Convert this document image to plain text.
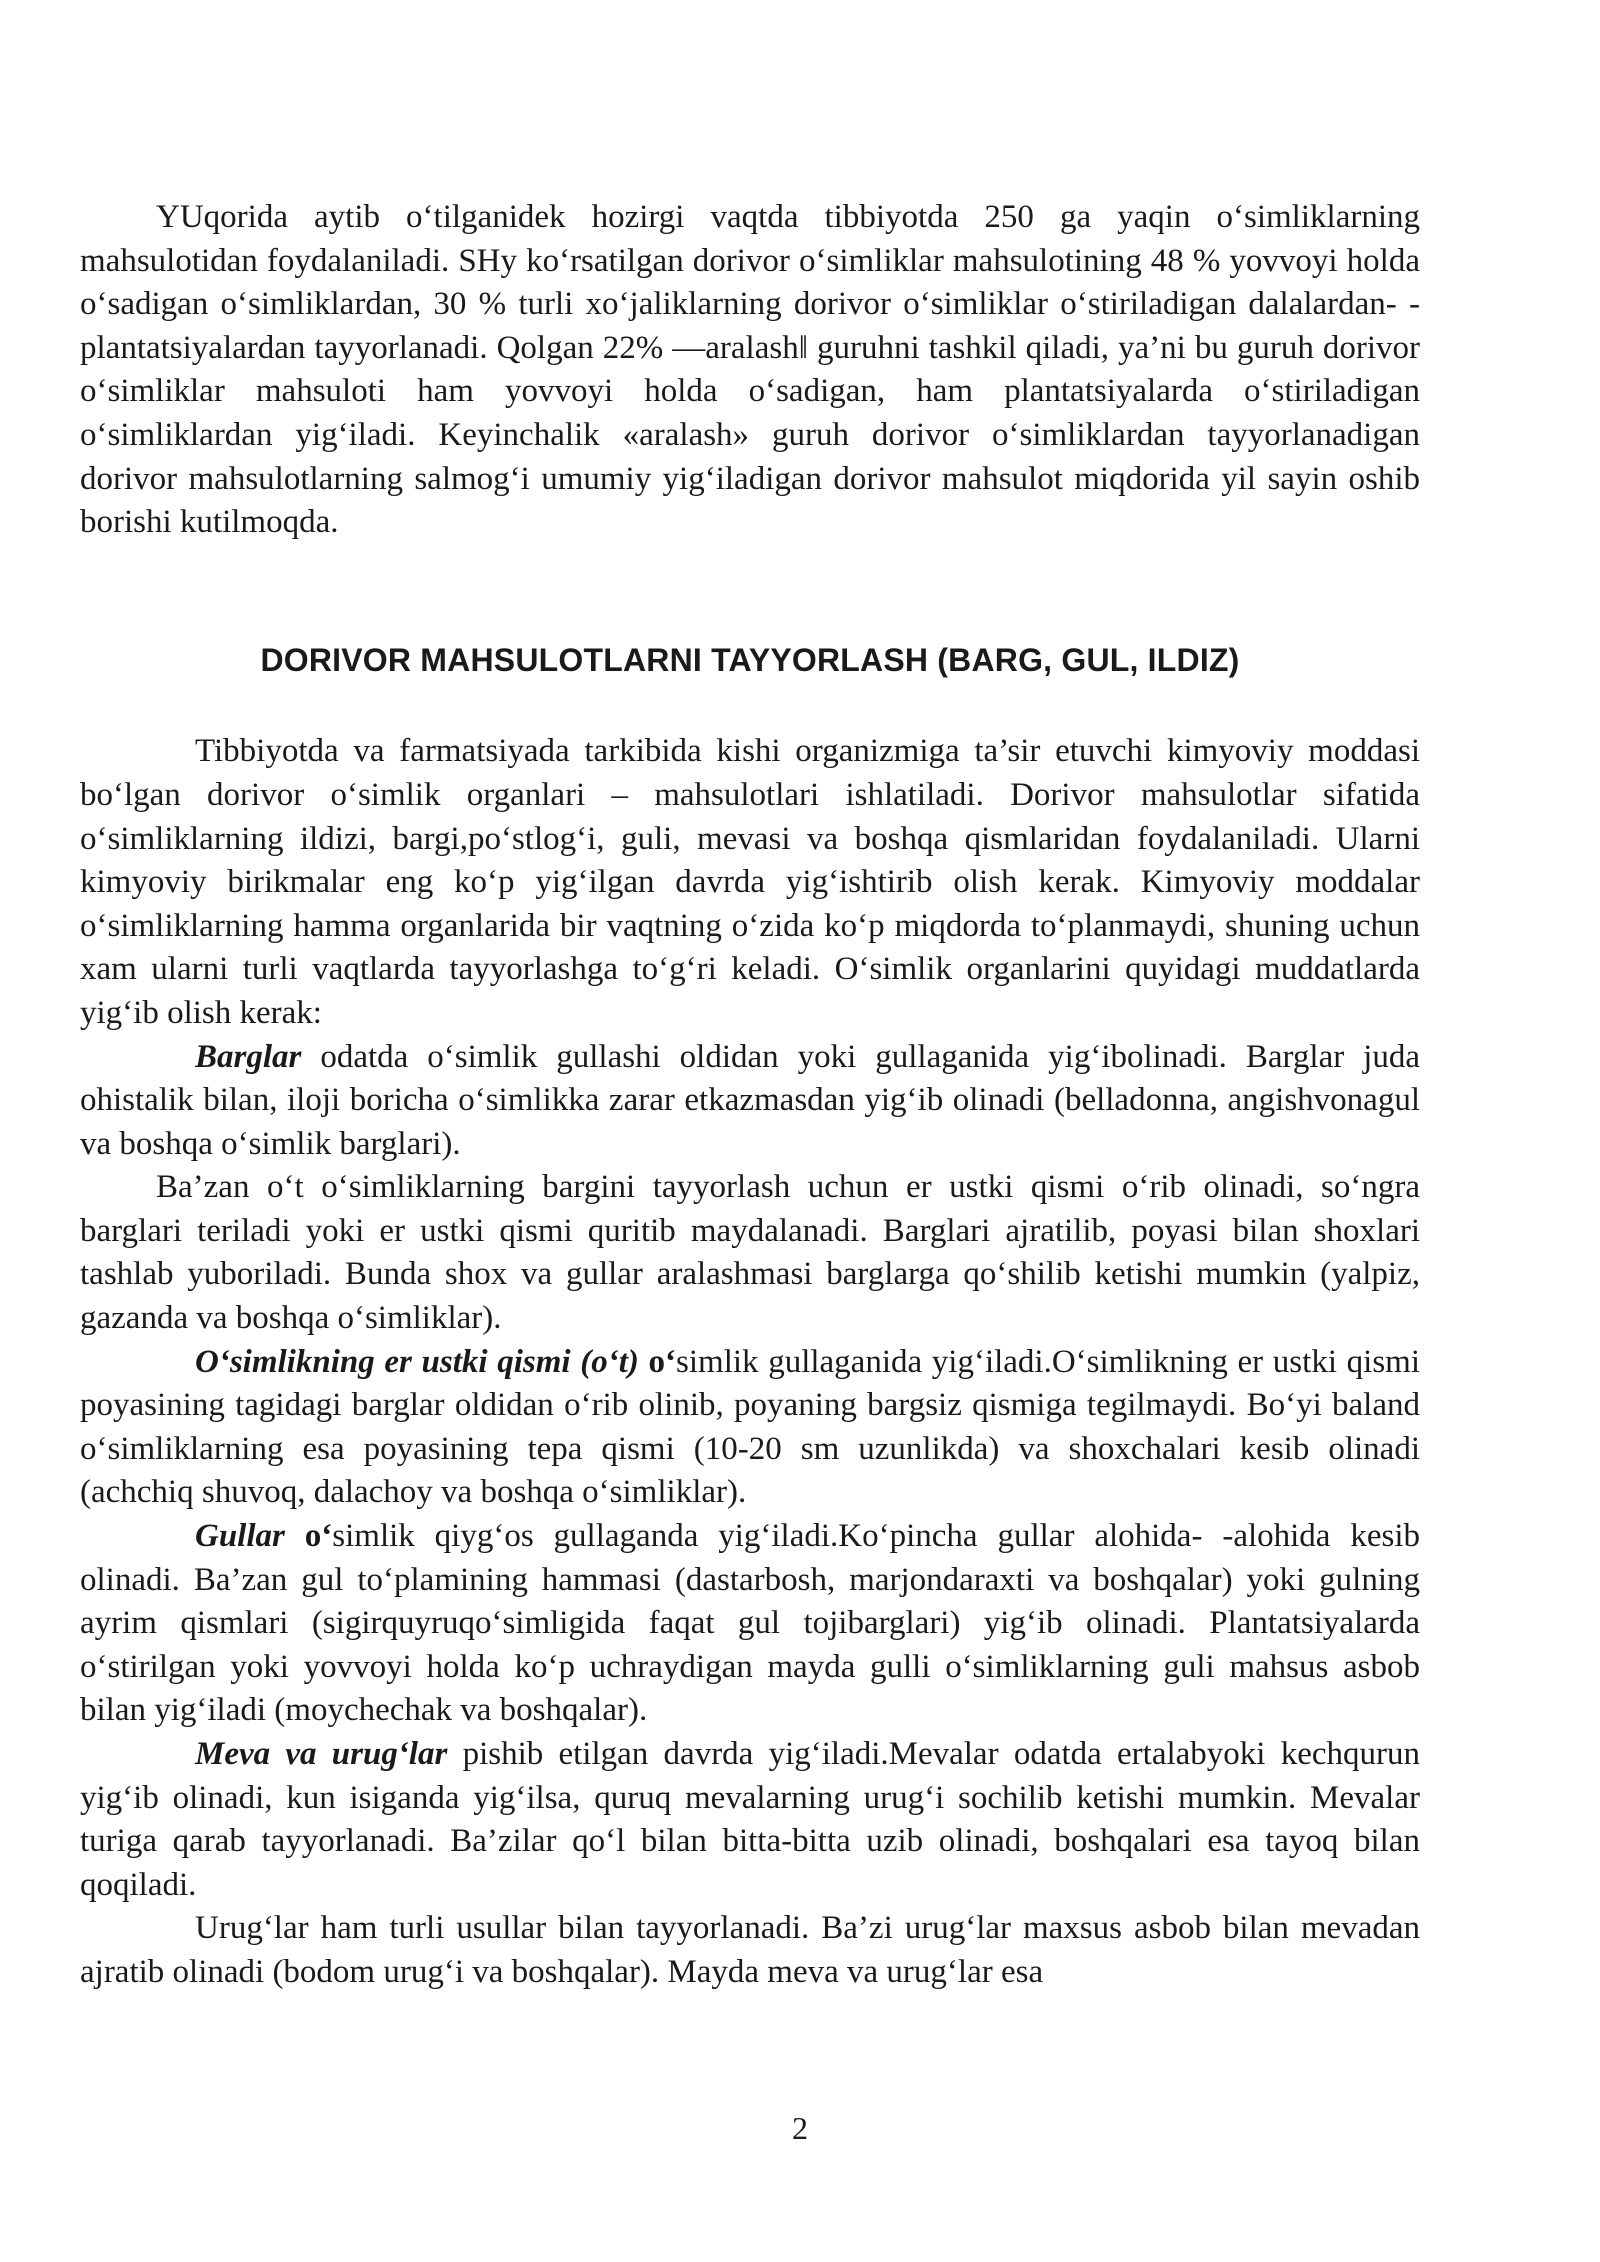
YUqorida aytib o‘tilganidek hozirgi vaqtda tibbiyotda 250 ga yaqin o‘simliklarning mahsulotidan foydalaniladi. SHy ko‘rsatilgan dorivor o‘simliklar mahsulotining 48 % yovvoyi holda o‘sadigan o‘simliklardan, 30 % turli xo‘jaliklarning dorivor o‘simliklar o‘stiriladigan dalalardan- - plantatsiyalardan tayyorlanadi. Qolgan 22% ―aralash‖ guruhni tashkil qiladi, ya’ni bu guruh dorivor o‘simliklar mahsuloti ham yovvoyi holda o‘sadigan, ham plantatsiyalarda o‘stiriladigan o‘simliklardan yig‘iladi. Keyinchalik «aralash» guruh dorivor o‘simliklardan tayyorlanadigan dorivor mahsulotlarning salmog‘i umumiy yig‘iladigan dorivor mahsulot miqdorida yil sayin oshib borishi kutilmoqda.

DORIVOR MAHSULOTLARNI TAYYORLASH (BARG, GUL, ILDIZ)

Tibbiyotda va farmatsiyada tarkibida kishi organizmiga ta’sir etuvchi kimyoviy moddasi bo‘lgan dorivor o‘simlik organlari – mahsulotlari ishlatiladi. Dorivor mahsulotlar sifatida o‘simliklarning ildizi, bargi,po‘stlog‘i, guli, mevasi va boshqa qismlaridan foydalaniladi. Ularni kimyoviy birikmalar eng ko‘p yig‘ilgan davrda yig‘ishtirib olish kerak. Kimyoviy moddalar o‘simliklarning hamma organlarida bir vaqtning o‘zida ko‘p miqdorda to‘planmaydi, shuning uchun xam ularni turli vaqtlarda tayyorlashga to‘g‘ri keladi. O‘simlik organlarini quyidagi muddatlarda yig‘ib olish kerak:

Barglar odatda o‘simlik gullashi oldidan yoki gullaganida yig‘ibolinadi. Barglar juda ohistalik bilan, iloji boricha o‘simlikka zarar etkazmasdan yig‘ib olinadi (belladonna, angishvonagul va boshqa o‘simlik barglari).

Ba’zan o‘t o‘simliklarning bargini tayyorlash uchun er ustki qismi o‘rib olinadi, so‘ngra barglari teriladi yoki er ustki qismi quritib maydalanadi. Barglari ajratilib, poyasi bilan shoxlari tashlab yuboriladi. Bunda shox va gullar aralashmasi barglarga qo‘shilib ketishi mumkin (yalpiz, gazanda va boshqa o‘simliklar).

O‘simlikning er ustki qismi (o‘t) o‘simlik gullaganida yig‘iladi.O‘simlikning er ustki qismi poyasining tagidagi barglar oldidan o‘rib olinib, poyaning bargsiz qismiga tegilmaydi. Bo‘yi baland o‘simliklarning esa poyasining tepa qismi (10-20 sm uzunlikda) va shoxchalari kesib olinadi (achchiq shuvoq, dalachoy va boshqa o‘simliklar).

Gullar o‘simlik qiyg‘os gullaganda yig‘iladi.Ko‘pincha gullar alohida- -alohida kesib olinadi. Ba’zan gul to‘plamining hammasi (dastarbosh, marjondaraxti va boshqalar) yoki gulning ayrim qismlari (sigirquyruqo‘simligida faqat gul tojibarglari) yig‘ib olinadi. Plantatsiyalarda o‘stirilgan yoki yovvoyi holda ko‘p uchraydigan mayda gulli o‘simliklarning guli mahsus asbob bilan yig‘iladi (moychechak va boshqalar).

Meva va urug‘lar pishib etilgan davrda yig‘iladi.Mevalar odatda ertalabyoki kechqurun yig‘ib olinadi, kun isiganda yig‘ilsa, quruq mevalarning urug‘i sochilib ketishi mumkin. Mevalar turiga qarab tayyorlanadi. Ba’zilar qo‘l bilan bitta-bitta uzib olinadi, boshqalari esa tayoq bilan qoqiladi.

Urug‘lar ham turli usullar bilan tayyorlanadi. Ba’zi urug‘lar maxsus asbob bilan mevadan ajratib olinadi (bodom urug‘i va boshqalar). Mayda meva va urug‘lar esa

2
